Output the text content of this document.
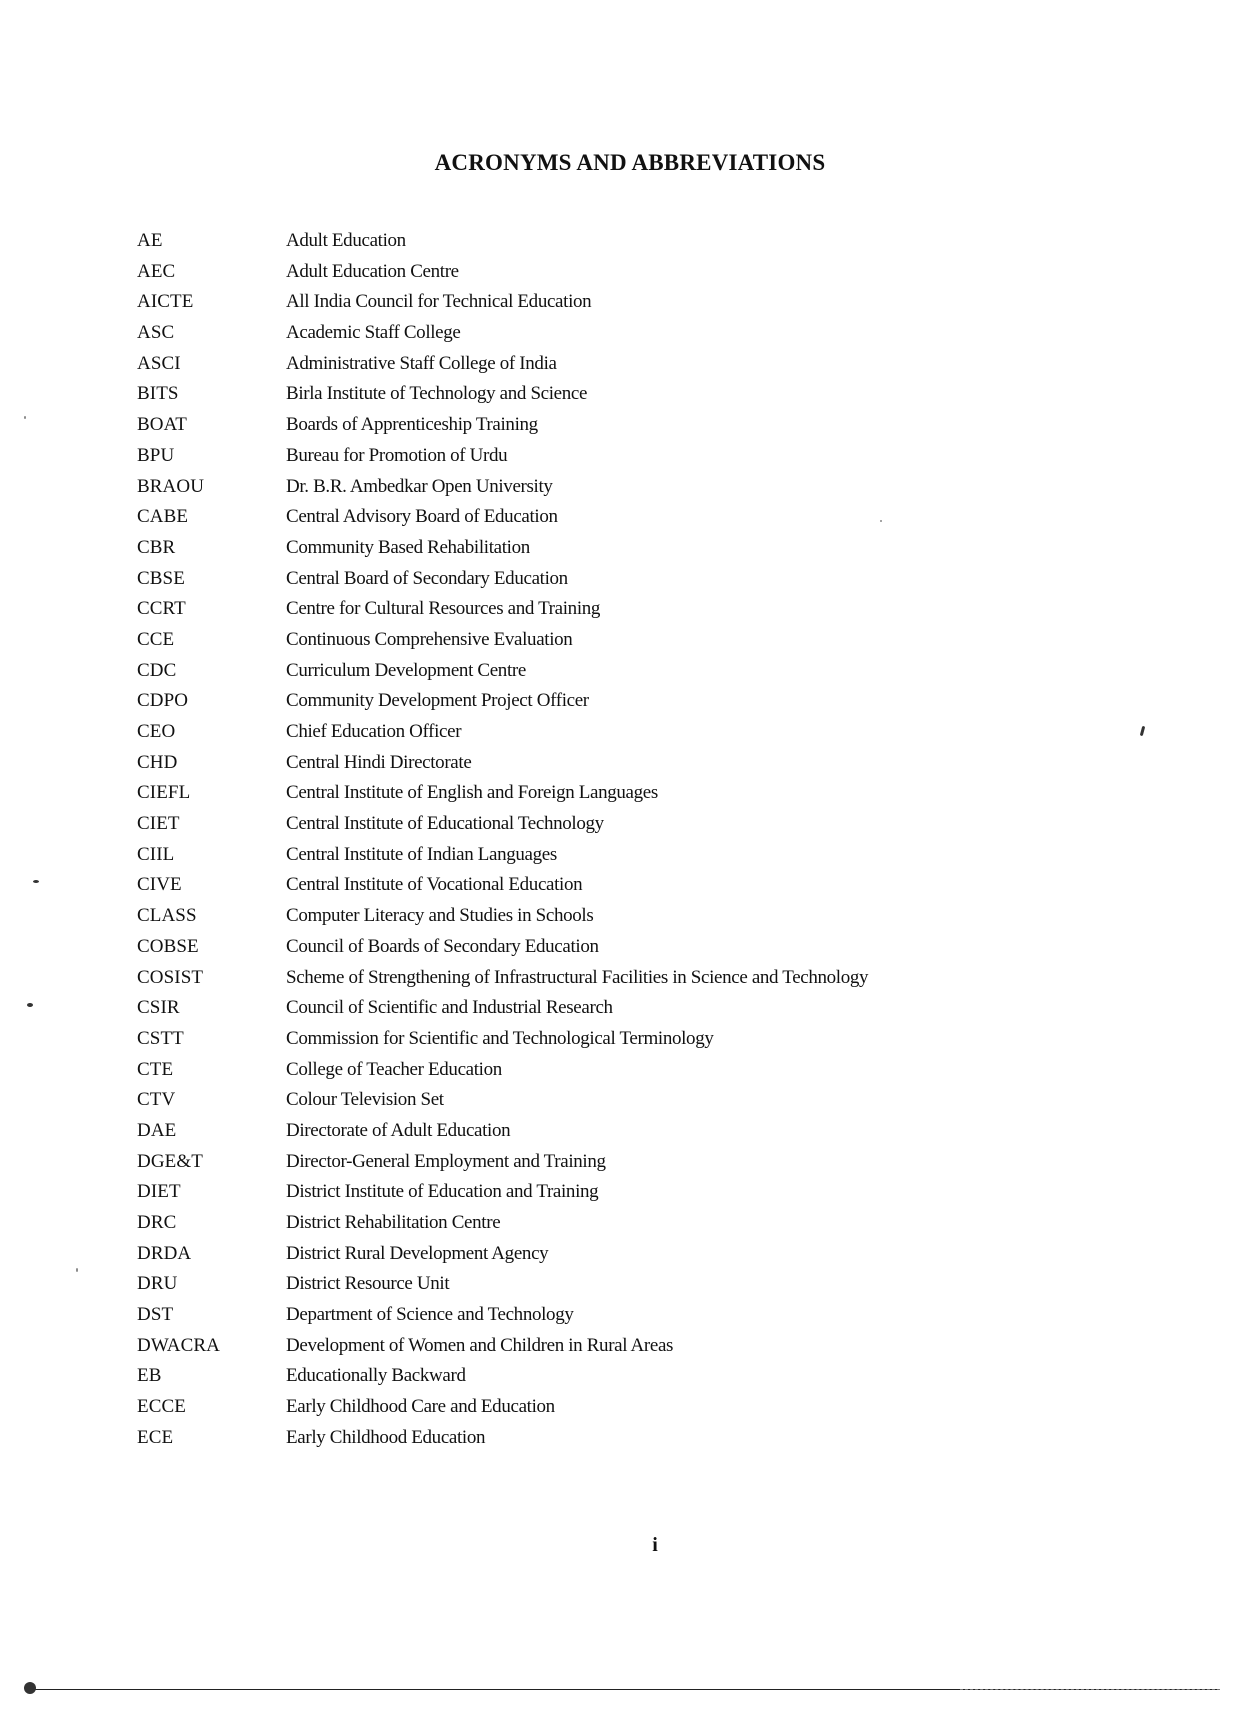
ACRONYMS AND ABBREVIATIONS
AE	Adult Education
AEC	Adult Education Centre
AICTE	All India Council for Technical Education
ASC	Academic Staff College
ASCI	Administrative Staff College of India
BITS	Birla Institute of Technology and Science
BOAT	Boards of Apprenticeship Training
BPU	Bureau for Promotion of Urdu
BRAOU	Dr. B.R. Ambedkar Open University
CABE	Central Advisory Board of Education
CBR	Community Based Rehabilitation
CBSE	Central Board of Secondary Education
CCRT	Centre for Cultural Resources and Training
CCE	Continuous Comprehensive Evaluation
CDC	Curriculum Development Centre
CDPO	Community Development Project Officer
CEO	Chief Education Officer
CHD	Central Hindi Directorate
CIEFL	Central Institute of English and Foreign Languages
CIET	Central Institute of Educational Technology
CIIL	Central Institute of Indian Languages
CIVE	Central Institute of Vocational Education
CLASS	Computer Literacy and Studies in Schools
COBSE	Council of Boards of Secondary Education
COSIST	Scheme of Strengthening of Infrastructural Facilities in Science and Technology
CSIR	Council of Scientific and Industrial Research
CSTT	Commission for Scientific and Technological Terminology
CTE	College of Teacher Education
CTV	Colour Television Set
DAE	Directorate of Adult Education
DGE&T	Director-General Employment and Training
DIET	District Institute of Education and Training
DRC	District Rehabilitation Centre
DRDA	District Rural Development Agency
DRU	District Resource Unit
DST	Department of Science and Technology
DWACRA	Development of Women and Children in Rural Areas
EB	Educationally Backward
ECCE	Early Childhood Care and Education
ECE	Early Childhood Education
i
